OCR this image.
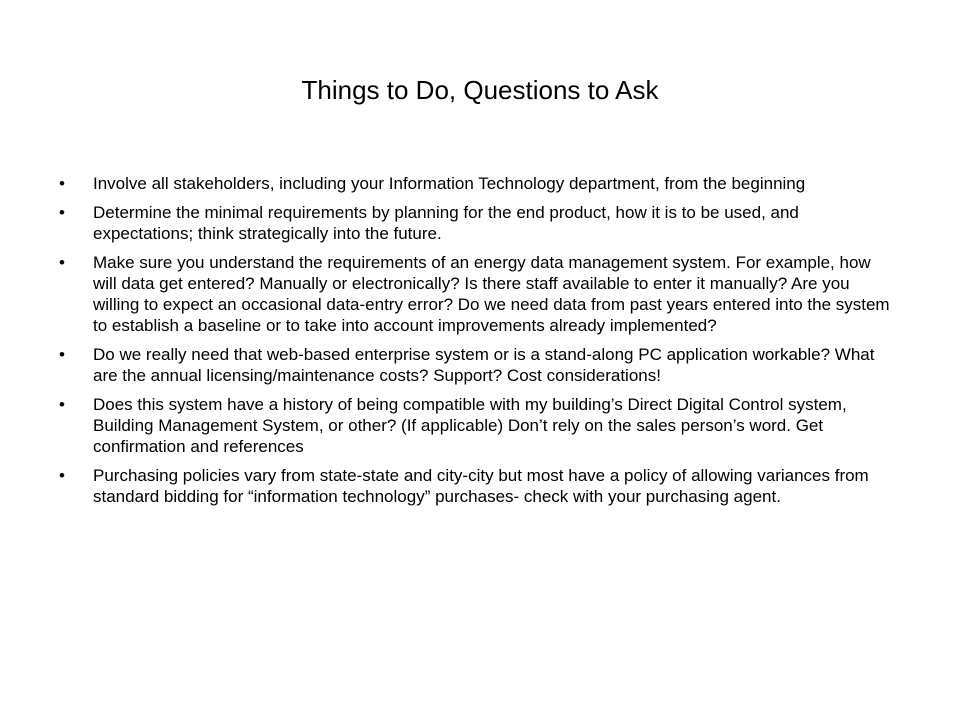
Things to Do, Questions to Ask
•	Involve all stakeholders, including your Information Technology department, from the beginning
•	Determine the minimal requirements by planning for the end product, how it is to be used, and expectations; think strategically into the future.
•	Make sure you understand the requirements of an energy data management system. For example, how will data get entered? Manually or electronically? Is there staff available to enter it manually? Are you willing to expect an occasional data-entry error? Do we need data from past years entered into the system to establish a baseline or to take into account improvements already implemented?
•	Do we really need that web-based enterprise system or is a stand-along PC application workable? What are the annual licensing/maintenance costs? Support? Cost considerations!
•	Does this system have a history of being compatible with my building’s Direct Digital Control system, Building Management System, or other? (If applicable) Don’t rely on the sales person’s word. Get confirmation and references
•	Purchasing policies vary from state-state and city-city but most have a policy of allowing variances from standard bidding for “information technology” purchases- check with your purchasing agent.
